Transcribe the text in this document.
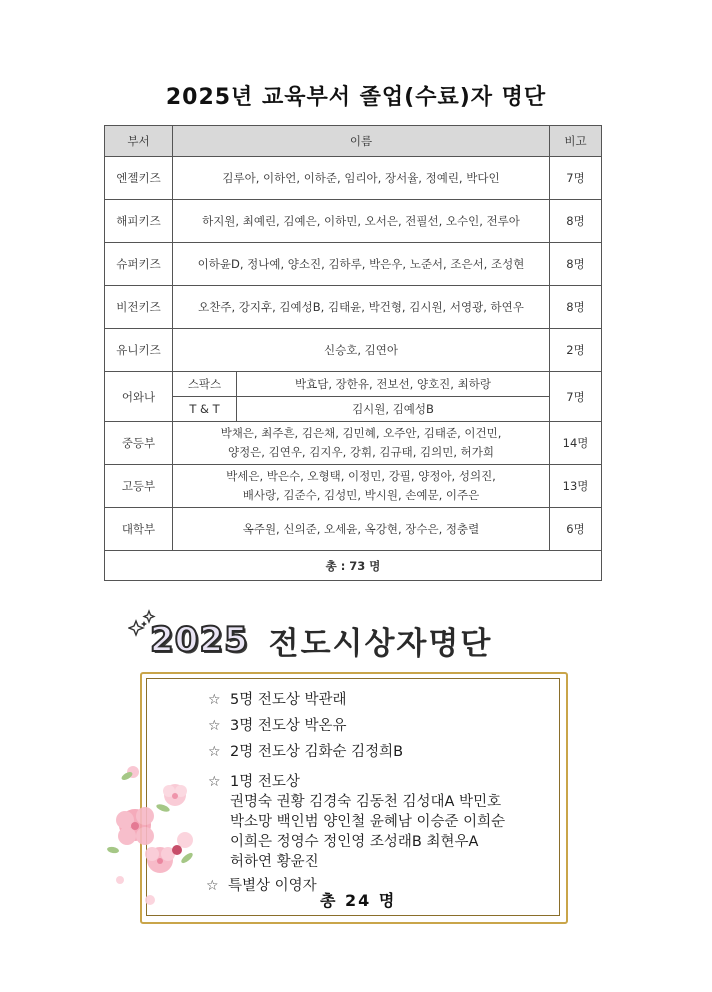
2025년 교육부서 졸업(수료)자 명단
부서	이름		비고
엔젤키즈	김루아, 이하언, 이하준, 임리아, 장서율, 정예린, 박다인		7명
해피키즈	하지원, 최예린, 김예은, 이하민, 오서은, 전필선, 오수인, 전루아		8명
슈퍼키즈	이하윤D, 정나예, 양소진, 김하루, 박은우, 노준서, 조은서, 조성현		8명
비전키즈	오찬주, 강지후, 김예성B, 김태윤, 박건형, 김시원, 서영광, 하연우		8명
유니키즈	신승호, 김연아		2명
어와나	스팍스	박효담, 장한유, 전보선, 양호진, 최하랑	7명
	T & T	김시원, 김예성B	
중등부	박채은, 최주흔, 김은채, 김민혜, 오주안, 김태준, 이건민,
양정은, 김연우, 김지우, 강휘, 김규태, 김의민, 허가희		14명
고등부	박세은, 박은수, 오형택, 이정민, 강필, 양정아, 성의진,
배사랑, 김준수, 김성민, 박시원, 손예문, 이주은		13명
대학부	옥주원, 신의준, 오세윤, 옥강현, 장수은, 정충렬		6명
총 : 73 명			
2025 전도시상자명단
☆ 5명 전도상 박관래
☆ 3명 전도상 박온유
☆ 2명 전도상 김화순 김정희B
☆ 1명 전도상
권명숙 권황 김경숙 김동천 김성대A 박민호
박소망 백인범 양인철 윤혜남 이승준 이희순
이희은 정영수 정인영 조성래B 최현우A
허하연 황윤진
☆ 특별상 이영자
총 24 명
